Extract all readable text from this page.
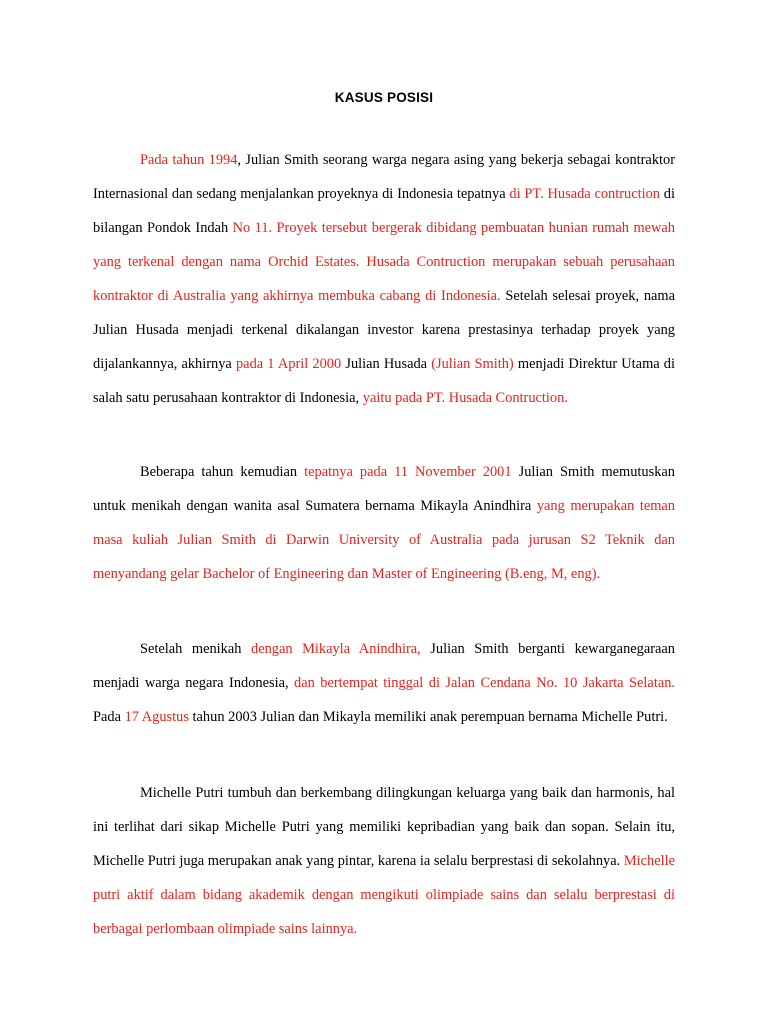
KASUS POSISI

Pada tahun 1994, Julian Smith seorang warga negara asing yang bekerja sebagai kontraktor Internasional dan sedang menjalankan proyeknya di Indonesia tepatnya di PT. Husada contruction di bilangan Pondok Indah No 11. Proyek tersebut bergerak dibidang pembuatan hunian rumah mewah yang terkenal dengan nama Orchid Estates. Husada Contruction merupakan sebuah perusahaan kontraktor di Australia yang akhirnya membuka cabang di Indonesia. Setelah selesai proyek, nama Julian Husada menjadi terkenal dikalangan investor karena prestasinya terhadap proyek yang dijalankannya, akhirnya pada 1 April 2000 Julian Husada (Julian Smith) menjadi Direktur Utama di salah satu perusahaan kontraktor di Indonesia, yaitu pada PT. Husada Contruction.

Beberapa tahun kemudian tepatnya pada 11 November 2001 Julian Smith memutuskan untuk menikah dengan wanita asal Sumatera bernama Mikayla Anindhira yang merupakan teman masa kuliah Julian Smith di Darwin University of Australia pada jurusan S2 Teknik dan menyandang gelar Bachelor of Engineering dan Master of Engineering (B.eng, M, eng).

Setelah menikah dengan Mikayla Anindhira, Julian Smith berganti kewarganegaraan menjadi warga negara Indonesia, dan bertempat tinggal di Jalan Cendana No. 10 Jakarta Selatan. Pada 17 Agustus tahun 2003 Julian dan Mikayla memiliki anak perempuan bernama Michelle Putri.

Michelle Putri tumbuh dan berkembang dilingkungan keluarga yang baik dan harmonis, hal ini terlihat dari sikap Michelle Putri yang memiliki kepribadian yang baik dan sopan. Selain itu, Michelle Putri juga merupakan anak yang pintar, karena ia selalu berprestasi di sekolahnya. Michelle putri aktif dalam bidang akademik dengan mengikuti olimpiade sains dan selalu berprestasi di berbagai perlombaan olimpiade sains lainnya.
